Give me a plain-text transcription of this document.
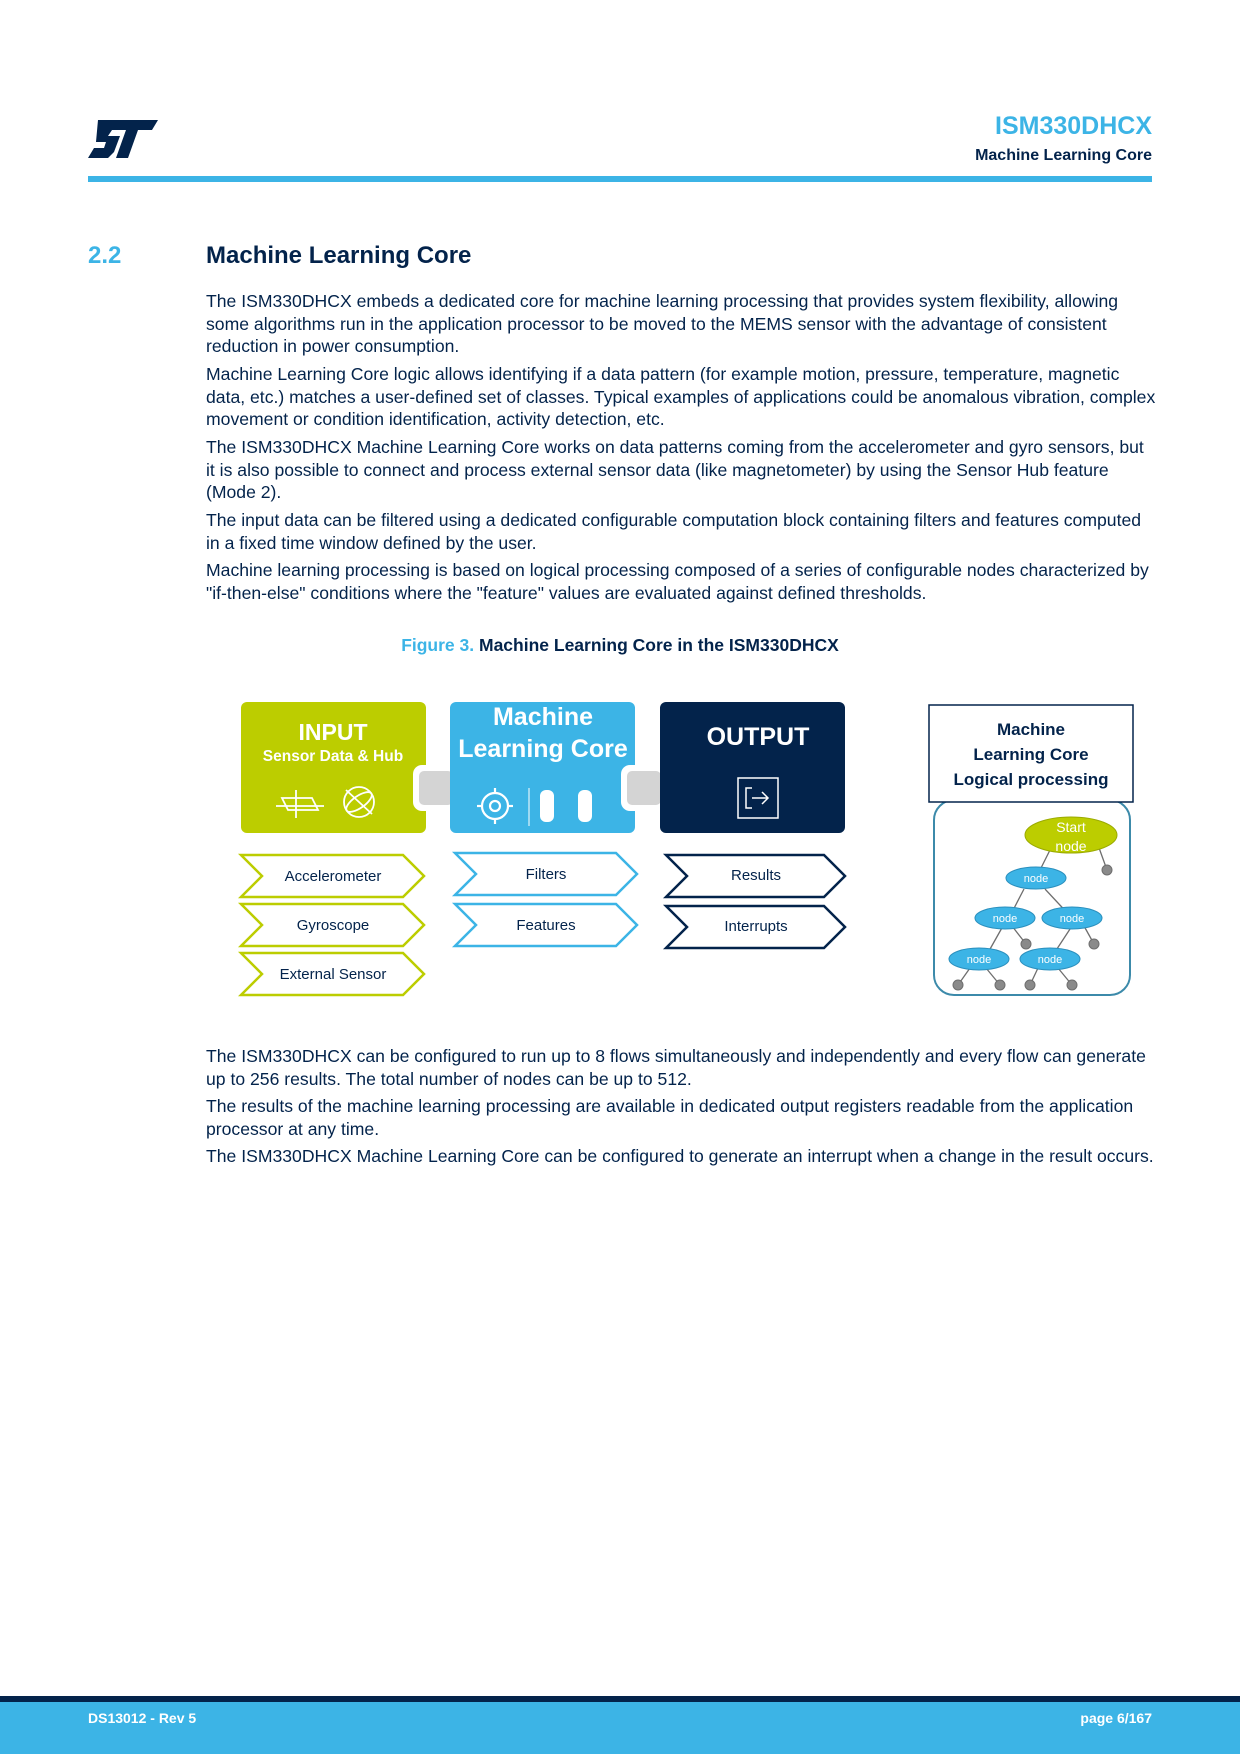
ISM330DHCX
Machine Learning Core
2.2	Machine Learning Core

The ISM330DHCX embeds a dedicated core for machine learning processing that provides system flexibility, allowing some algorithms run in the application processor to be moved to the MEMS sensor with the advantage of consistent reduction in power consumption.

Machine Learning Core logic allows identifying if a data pattern (for example motion, pressure, temperature, magnetic data, etc.) matches a user-defined set of classes. Typical examples of applications could be anomalous vibration, complex movement or condition identification, activity detection, etc.

The ISM330DHCX Machine Learning Core works on data patterns coming from the accelerometer and gyro sensors, but it is also possible to connect and process external sensor data (like magnetometer) by using the Sensor Hub feature (Mode 2).

The input data can be filtered using a dedicated configurable computation block containing filters and features computed in a fixed time window defined by the user.

Machine learning processing is based on logical processing composed of a series of configurable nodes characterized by "if-then-else" conditions where the "feature" values are evaluated against defined thresholds.

Figure 3. Machine Learning Core in the ISM330DHCX
INPUT
Sensor Data & Hub
Machine
Learning Core	OUTPUT
Accelerometer
Gyroscope
External Sensor
Filters
Features
Results
Interrupts
Machine
Learning Core
Logical processing
Start
node
node
node	node
node	node

The ISM330DHCX can be configured to run up to 8 flows simultaneously and independently and every flow can generate up to 256 results. The total number of nodes can be up to 512.

The results of the machine learning processing are available in dedicated output registers readable from the application processor at any time.

The ISM330DHCX Machine Learning Core can be configured to generate an interrupt when a change in the result occurs.

DS13012 - Rev 5	page 6/167
